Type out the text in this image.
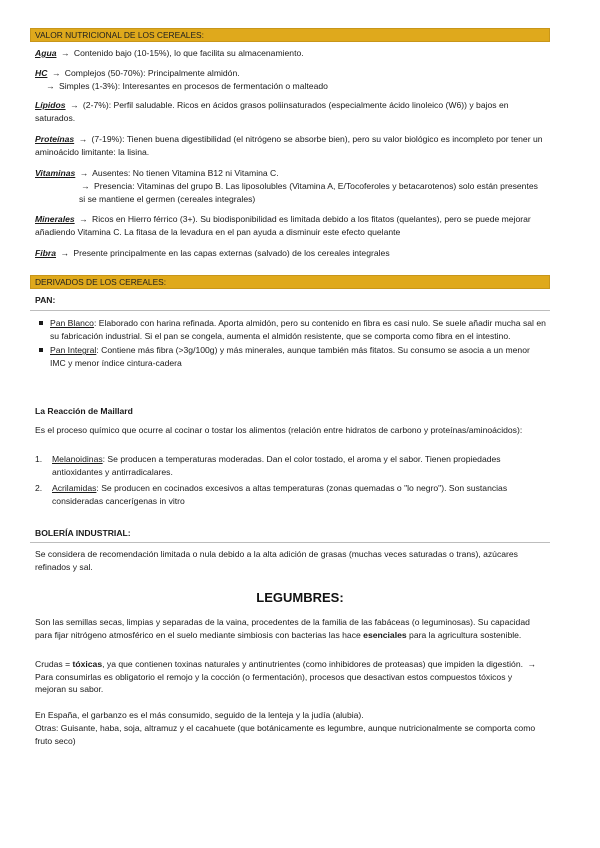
VALOR NUTRICIONAL DE LOS CEREALES:
Agua → Contenido bajo (10-15%), lo que facilita su almacenamiento.
HC → Complejos (50-70%): Principalmente almidón.
→ Simples (1-3%): Interesantes en procesos de fermentación o malteado
Lípidos → (2-7%): Perfil saludable. Ricos en ácidos grasos poliinsaturados (especialmente ácido linoleico (W6)) y bajos en saturados.
Proteínas → (7-19%): Tienen buena digestibilidad (el nitrógeno se absorbe bien), pero su valor biológico es incompleto por tener un aminoácido limitante: la lisina.
Vitaminas → Ausentes: No tienen Vitamina B12 ni Vitamina C.
→ Presencia: Vitaminas del grupo B. Las liposolubles (Vitamina A, E/Tocoferoles y betacarotenos) solo están presentes si se mantiene el germen (cereales integrales)
Minerales → Ricos en Hierro férrico (3+). Su biodisponibilidad es limitada debido a los fitatos (quelantes), pero se puede mejorar añadiendo Vitamina C. La fitasa de la levadura en el pan ayuda a disminuir este efecto quelante
Fibra → Presente principalmente en las capas externas (salvado) de los cereales integrales
DERIVADOS DE LOS CEREALES:
PAN:
Pan Blanco: Elaborado con harina refinada. Aporta almidón, pero su contenido en fibra es casi nulo. Se suele añadir mucha sal en su fabricación industrial. Si el pan se congela, aumenta el almidón resistente, que se comporta como fibra en el intestino.
Pan Integral: Contiene más fibra (>3g/100g) y más minerales, aunque también más fitatos. Su consumo se asocia a un menor IMC y menor índice cintura-cadera
La Reacción de Maillard
Es el proceso químico que ocurre al cocinar o tostar los alimentos (relación entre hidratos de carbono y proteínas/aminoácidos):
1. Melanoidinas: Se producen a temperaturas moderadas. Dan el color tostado, el aroma y el sabor. Tienen propiedades antioxidantes y antirradicalares.
2. Acrilamidas: Se producen en cocinados excesivos a altas temperaturas (zonas quemadas o "lo negro"). Son sustancias consideradas cancerígenas in vitro
BOLERÍA INDUSTRIAL:
Se considera de recomendación limitada o nula debido a la alta adición de grasas (muchas veces saturadas o trans), azúcares refinados y sal.
LEGUMBRES:
Son las semillas secas, limpias y separadas de la vaina, procedentes de la familia de las fabáceas (o leguminosas). Su capacidad para fijar nitrógeno atmosférico en el suelo mediante simbiosis con bacterias las hace esenciales para la agricultura sostenible.
Crudas = tóxicas, ya que contienen toxinas naturales y antinutrientes (como inhibidores de proteasas) que impiden la digestión. → Para consumirlas es obligatorio el remojo y la cocción (o fermentación), procesos que desactivan estos compuestos tóxicos y mejoran su sabor.
En España, el garbanzo es el más consumido, seguido de la lenteja y la judía (alubia).
Otras: Guisante, haba, soja, altramuz y el cacahuete (que botánicamente es legumbre, aunque nutricionalmente se comporta como fruto seco)
